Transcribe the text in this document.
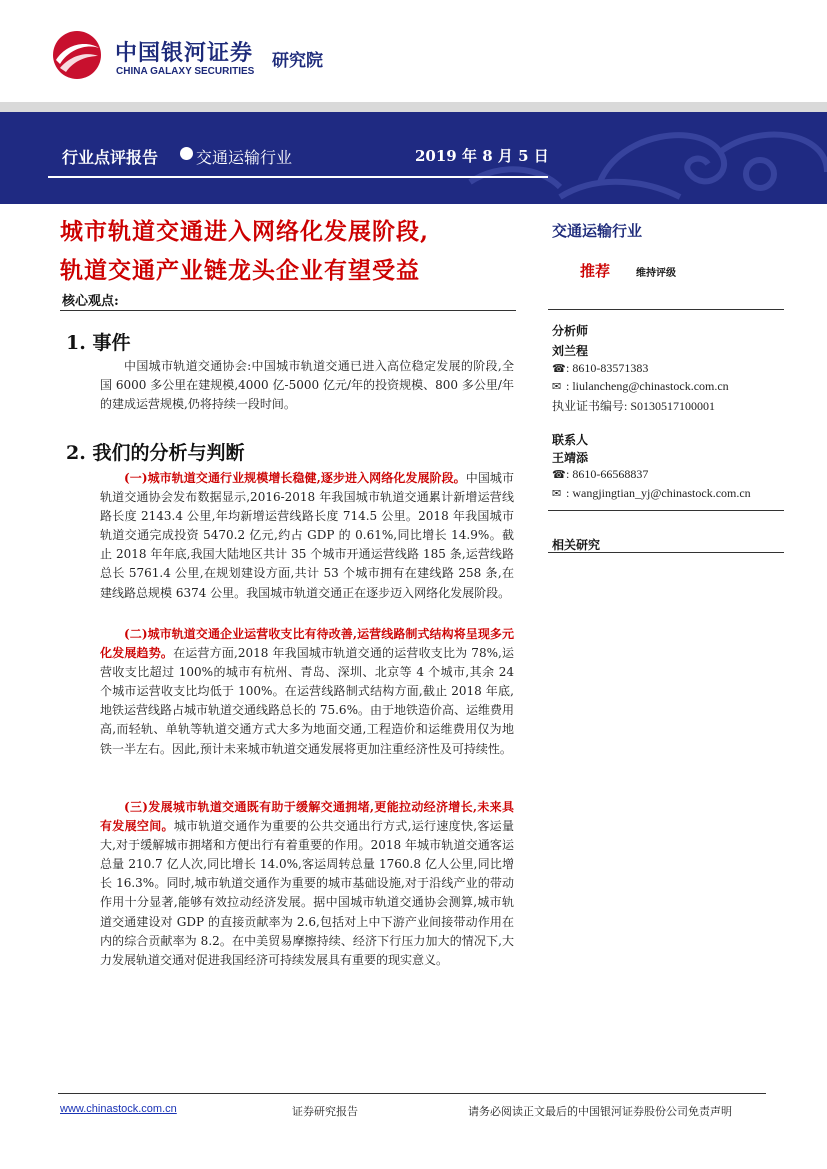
中国银河证券
CHINA GALAXY SECURITIES
研究院
行业点评报告 交通运输行业	2019 年 8 月 5 日
城市轨道交通进入网络化发展阶段,
轨道交通产业链龙头企业有望受益
核心观点:
1. 事件
中国城市轨道交通协会:中国城市轨道交通已进入高位稳定发展的阶段,全国 6000 多公里在建规模,4000 亿-5000 亿元/年的投资规模、800 多公里/年的建成运营规模,仍将持续一段时间。
2. 我们的分析与判断
(一)城市轨道交通行业规模增长稳健,逐步进入网络化发展阶段。中国城市轨道交通协会发布数据显示,2016-2018 年我国城市轨道交通累计新增运营线路长度 2143.4 公里,年均新增运营线路长度 714.5 公里。2018 年我国城市轨道交通完成投资 5470.2 亿元,约占 GDP 的 0.61%,同比增长 14.9%。截止 2018 年年底,我国大陆地区共计 35 个城市开通运营线路 185 条,运营线路总长 5761.4 公里,在规划建设方面,共计 53 个城市拥有在建线路 258 条,在建线路总规模 6374 公里。我国城市轨道交通正在逐步迈入网络化发展阶段。
(二)城市轨道交通企业运营收支比有待改善,运营线路制式结构将呈现多元化发展趋势。在运营方面,2018 年我国城市轨道交通的运营收支比为 78%,运营收支比超过 100%的城市有杭州、青岛、深圳、北京等 4 个城市,其余 24 个城市运营收支比均低于 100%。在运营线路制式结构方面,截止 2018 年底,地铁运营线路占城市轨道交通线路总长的 75.6%。由于地铁造价高、运维费用高,而轻轨、单轨等轨道交通方式大多为地面交通,工程造价和运维费用仅为地铁一半左右。因此,预计未来城市轨道交通发展将更加注重经济性及可持续性。
(三)发展城市轨道交通既有助于缓解交通拥堵,更能拉动经济增长,未来具有发展空间。城市轨道交通作为重要的公共交通出行方式,运行速度快,客运量大,对于缓解城市拥堵和方便出行有着重要的作用。2018 年城市轨道交通客运总量 210.7 亿人次,同比增长 14.0%,客运周转总量 1760.8 亿人公里,同比增长 16.3%。同时,城市轨道交通作为重要的城市基础设施,对于沿线产业的带动作用十分显著,能够有效拉动经济发展。据中国城市轨道交通协会测算,城市轨道交通建设对 GDP 的直接贡献率为 2.6,包括对上中下游产业间接带动作用在内的综合贡献率为 8.2。在中美贸易摩擦持续、经济下行压力加大的情况下,大力发展轨道交通对促进我国经济可持续发展具有重要的现实意义。
交通运输行业
推荐	维持评级
分析师
刘兰程
☎: 8610-83571383
✉ : liulancheng@chinastock.com.cn
执业证书编号: S0130517100001
联系人
王靖添
☎: 8610-66568837
✉ : wangjingtian_yj@chinastock.com.cn
相关研究
www.chinastock.com.cn	证券研究报告	请务必阅读正文最后的中国银河证券股份公司免责声明
